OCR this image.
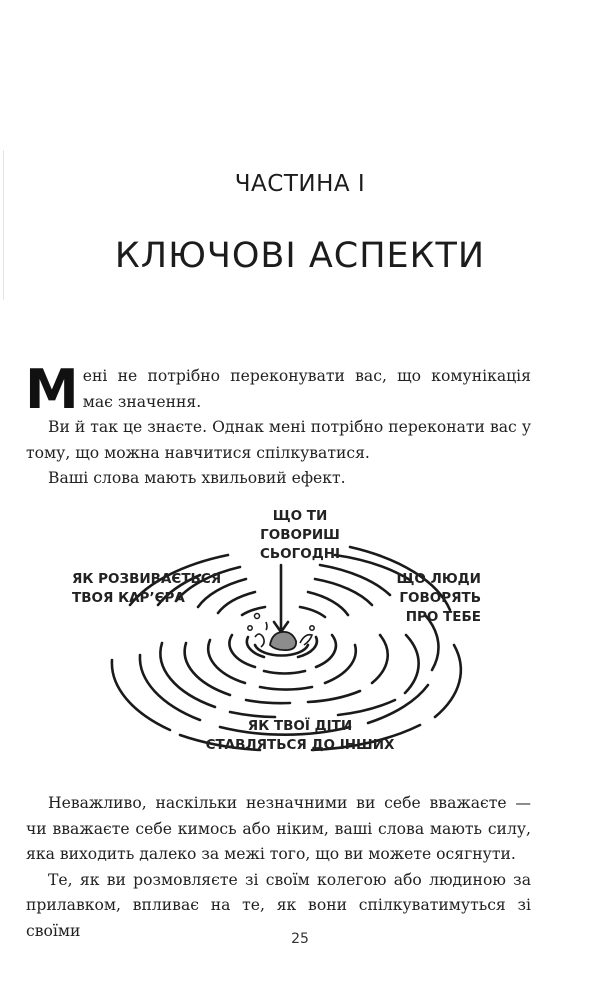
ЧАСТИНА I
КЛЮЧОВІ АСПЕКТИ

Мені не потрібно переконувати вас, що комунікація має значення.

Ви й так це знаєте. Однак мені потрібно переконати вас у тому, що можна навчитися спілкуватися.

Ваші слова мають хвильовий ефект.

ЩО ТИ
ГОВОРИШ
СЬОГОДНІ
ЯК РОЗВИВАЄТЬСЯ
ТВОЯ КАР’ЄРА
ЩО ЛЮДИ
ГОВОРЯТЬ
ПРО ТЕБЕ
ЯК ТВОЇ ДІТИ
СТАВЛЯТЬСЯ ДО ІНШИХ

Неважливо, наскільки незначними ви себе вважаєте — чи вважаєте себе кимось або ніким, ваші слова мають силу, яка виходить далеко за межі того, що ви можете осягнути.

Те, як ви розмовляєте зі своїм колегою або людиною за прилавком, впливає на те, як вони спілкуватимуться зі своїми	25
